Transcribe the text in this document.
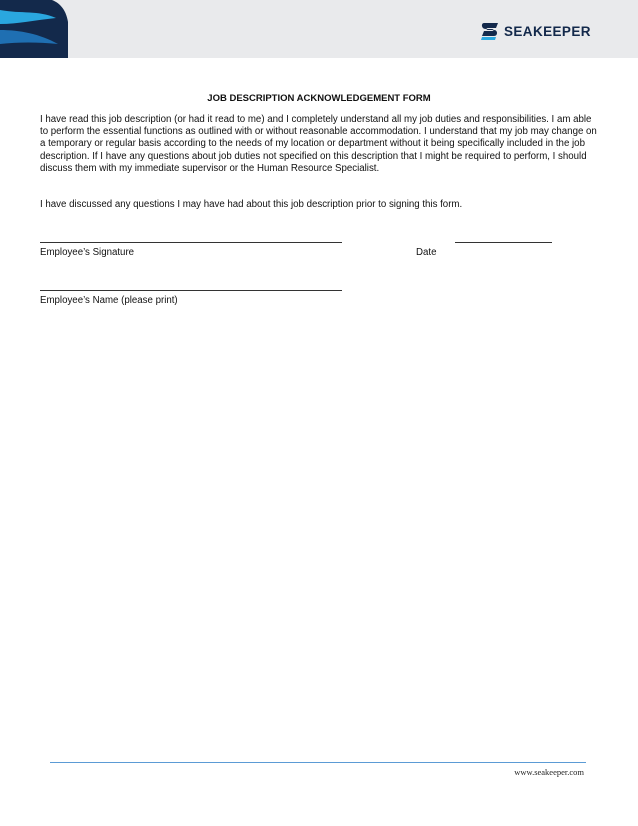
SEAKEEPER
JOB DESCRIPTION ACKNOWLEDGEMENT FORM

I have read this job description (or had it read to me) and I completely understand all my job duties and responsibilities. I am able to perform the essential functions as outlined with or without reasonable accommodation. I understand that my job may change on a temporary or regular basis according to the needs of my location or department without it being specifically included in the job description. If I have any questions about job duties not specified on this description that I might be required to perform, I should discuss them with my immediate supervisor or the Human Resource Specialist.

I have discussed any questions I may have had about this job description prior to signing this form.

Employee’s Signature	Date

Employee’s Name (please print)

www.seakeeper.com
